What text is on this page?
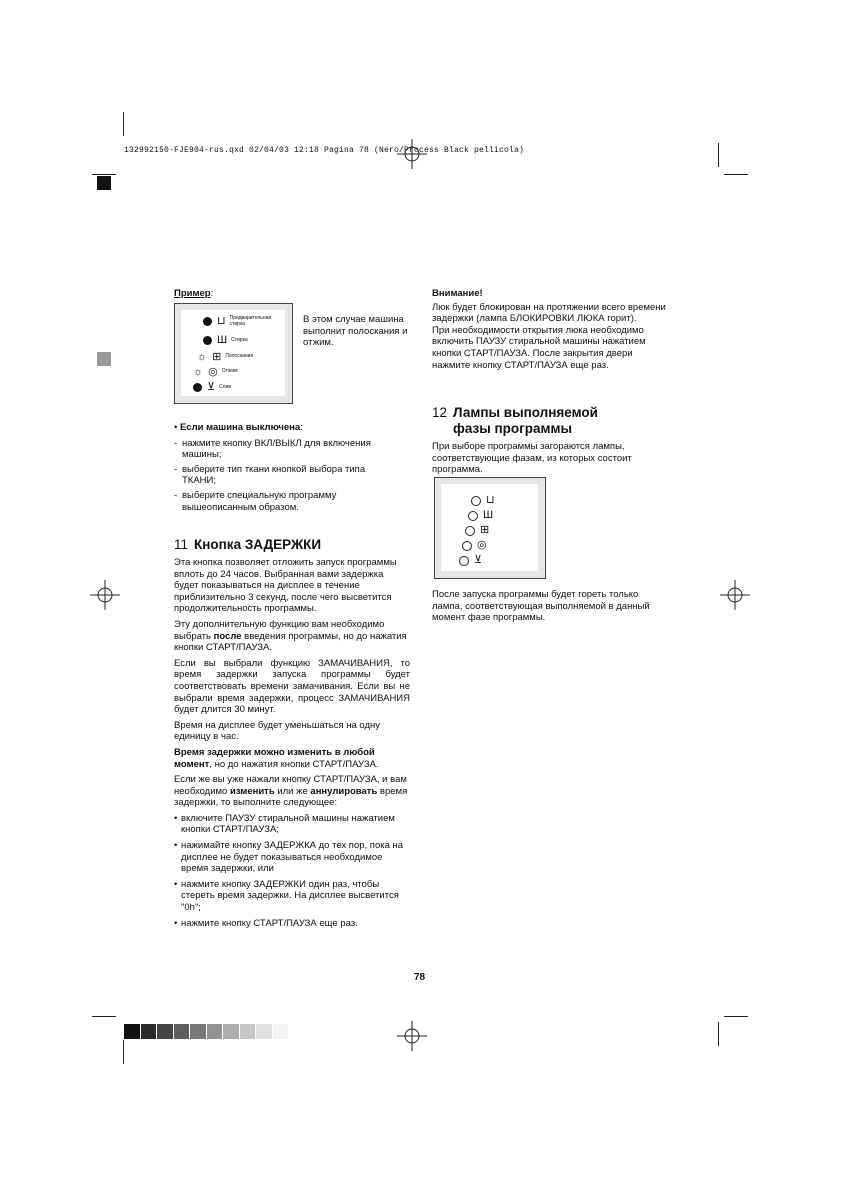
132992150-FJE904-rus.qxd 02/04/03 12:18 Pagina 78 (Nero/Process Black pellicola)
Пример:
⊔ Предварительная стирка
Ш Стирка
☼ ⊞ Полоскания
☼ ◎ Отжим
⊻ Слив
В этом случае машина выполнит полоскания и отжим.

• Если машина выключена:

- нажмите кнопку ВКЛ/ВЫКЛ для включения машины;
- выберите тип ткани кнопкой выбора типа ТКАНИ;
- выберите специальную программу вышеописанным образом.
11 Кнопка ЗАДЕРЖКИ

Эта кнопка позволяет отложить запуск программы вплоть до 24 часов. Выбранная вами задержка будет показываться на дисплее в течение приблизительно 3 секунд, после чего высветится продолжительность программы.

Эту дополнительную функцию вам необходимо выбрать после введения программы, но до нажатия кнопки СТАРТ/ПАУЗА.

Если вы выбрали функцию ЗАМАЧИВАНИЯ, то время задержки запуска программы будет соответствовать времени замачивания. Если вы не выбрали время задержки, процесс ЗАМАЧИВАНИЯ будет длится 30 минут.

Время на дисплее будет уменьшаться на одну единицу в час.

Время задержки можно изменить в любой момент, но до нажатия кнопки СТАРТ/ПАУЗА.

Если же вы уже нажали кнопку СТАРТ/ПАУЗА, и вам необходимо изменить или же аннулировать время задержки, то выполните следующее:

• включите ПАУЗУ стиральной машины нажатием кнопки СТАРТ/ПАУЗА;
• нажимайте кнопку ЗАДЕРЖКА до тех пор, пока на дисплее не будет показываться необходимое время задержки, или
• нажмите кнопку ЗАДЕРЖКИ один раз, чтобы стереть время задержки. На дисплее высветится "0h";
• нажмите кнопку СТАРТ/ПАУЗА еще раз.

Внимание!

Люк будет блокирован на протяжении всего времени задержки (лампа БЛОКИРОВКИ ЛЮКА горит).

При необходимости открытия люка необходимо включить ПАУЗУ стиральной машины нажатием кнопки СТАРТ/ПАУЗА. После закрытия двери нажмите кнопку СТАРТ/ПАУЗА еще раз.

12 Лампы выполняемой фазы программы
При выборе программы загораются лампы, соответствующие фазам, из которых состоит программа.
⊔
Ш
⊞
◎
⊻
После запуска программы будет гореть только лампа, соответствующая выполняемой в данный момент фазе программы.
78
